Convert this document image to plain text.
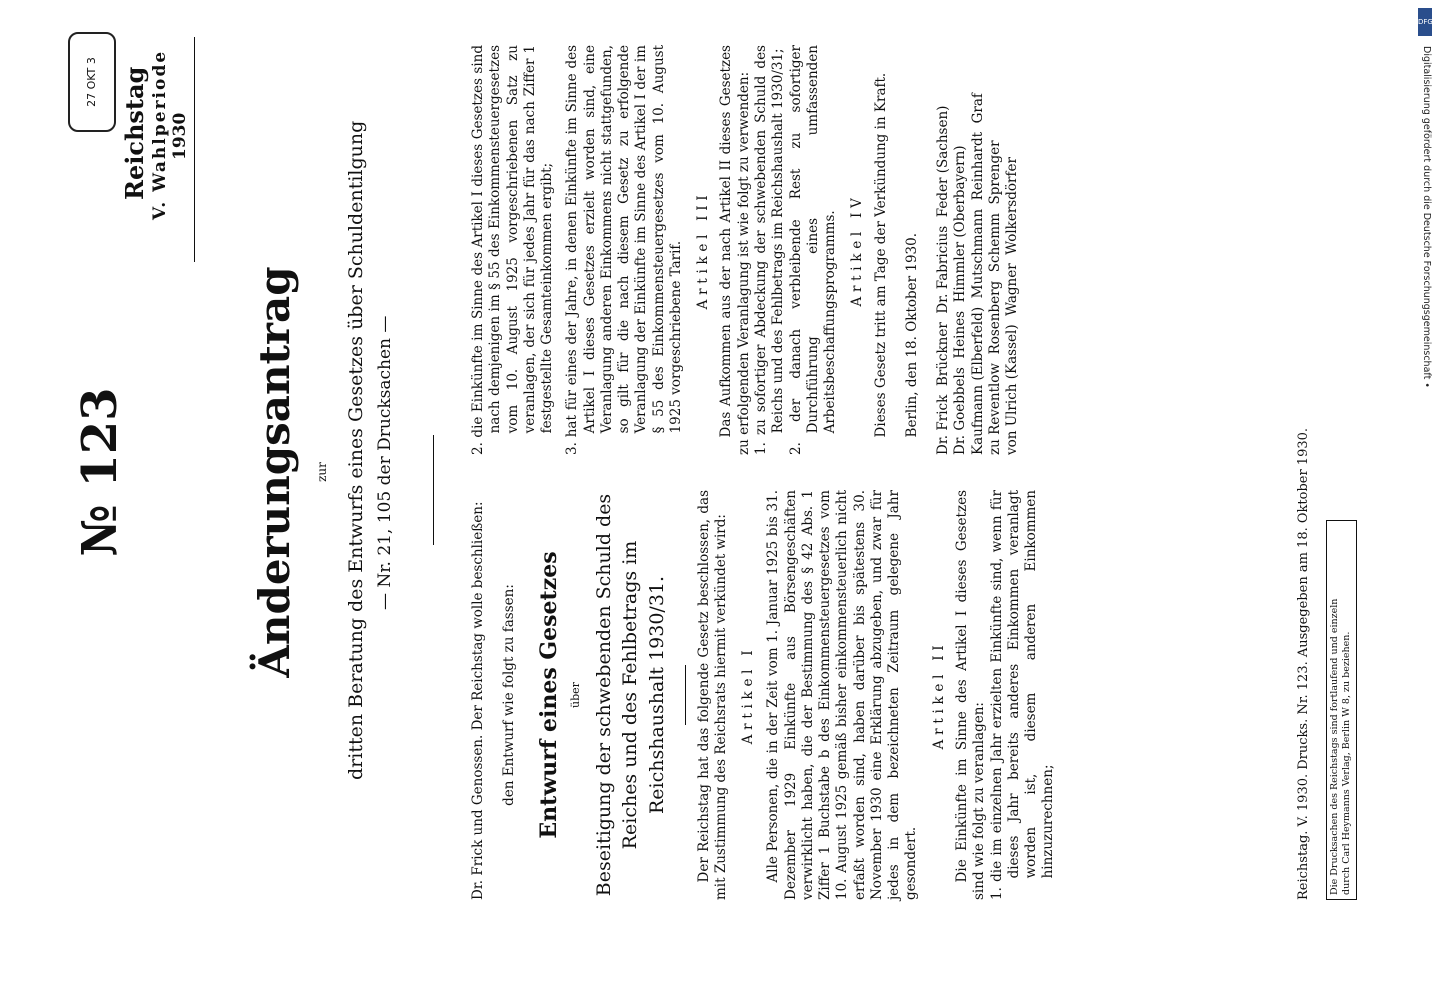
Reichstag V. Wahlperiode 1930
27 OKT 3
№ 123	Änderungsantrag zur dritten Beratung des Entwurfs eines Gesetzes über Schuldentilgung — Nr. 21, 105 der Drucksachen —

Dr. Frick und Genossen. Der Reichstag wolle beschließen: den Entwurf wie folgt zu fassen: Entwurf eines Gesetzes über Beseitigung der schwebenden Schuld des Reiches und des Fehlbetrags im Reichshaushalt 1930/31. Der Reichstag hat das folgende Gesetz beschlossen, das mit Zustimmung des Reichsrats hiermit verkündet wird: Artikel I Alle Personen, die in der Zeit vom 1. Januar 1925 bis 31. Dezember 1929 Einkünfte aus Börsengeschäften verwirklicht haben, die der Bestimmung des § 42 Abs. 1 Ziffer 1 Buchstabe b des Einkommensteuergesetzes vom 10. August 1925 gemäß bisher einkommensteuerlich nicht erfaßt worden sind, haben darüber bis spätestens 30. November 1930 eine Erklärung abzugeben, und zwar für jedes in dem bezeichneten Zeitraum gelegene Jahr gesondert.

Artikel II Die Einkünfte im Sinne des Artikel I dieses Gesetzes sind wie folgt zu veranlagen: 1. die im einzelnen Jahr erzielten Einkünfte sind, wenn für dieses Jahr bereits anderes Einkommen veranlagt worden ist, diesem anderen Einkommen hinzuzurechnen;

2. die Einkünfte im Sinne des Artikel I dieses Gesetzes sind nach demjenigen im § 55 des Einkommensteuergesetzes vom 10. August 1925 vorgeschriebenen Satz zu veranlagen, der sich für jedes Jahr für das nach Ziffer 1 festgestellte Gesamteinkommen ergibt; 3. hat für eines der Jahre, in denen Einkünfte im Sinne des Artikel I dieses Gesetzes erzielt worden sind, eine Veranlagung anderen Einkommens nicht stattgefunden, so gilt für die nach diesem Gesetz zu erfolgende Veranlagung der Einkünfte im Sinne des Artikel I der im § 55 des Einkommensteuergesetzes vom 10. August 1925 vorgeschriebene Tarif. Artikel III Das Aufkommen aus der nach Artikel II dieses Gesetzes zu erfolgenden Veranlagung ist wie folgt zu verwenden: 1. zu sofortiger Abdeckung der schwebenden Schuld des Reichs und des Fehlbetrags im Reichshaushalt 1930/31; 2. der danach verbleibende Rest zu sofortiger Durchführung eines umfassenden Arbeitsbeschaffungsprogramms. Artikel IV Dieses Gesetz tritt am Tage der Verkündung in Kraft. Berlin, den 18. Oktober 1930. Dr. Frick  Brückner  Dr. Fabricius  Feder (Sachsen) Dr. Goebbels  Heines  Himmler (Oberbayern) Kaufmann (Elberfeld)  Mutschmann  Reinhardt  Graf zu Reventlow  Rosenberg  Schemm  Sprenger von Ulrich (Kassel)  Wagner  Wolkersdörfer
Reichstag. V. 1930. Drucks. Nr. 123. Ausgegeben am 18. Oktober 1930. Die Drucksachen des Reichstags sind fortlaufend und einzeln durch Carl Heymanns Verlag, Berlin W 8, zu beziehen.
DFG
Digitalisierung gefördert durch die Deutsche Forschungsgemeinschaft •
